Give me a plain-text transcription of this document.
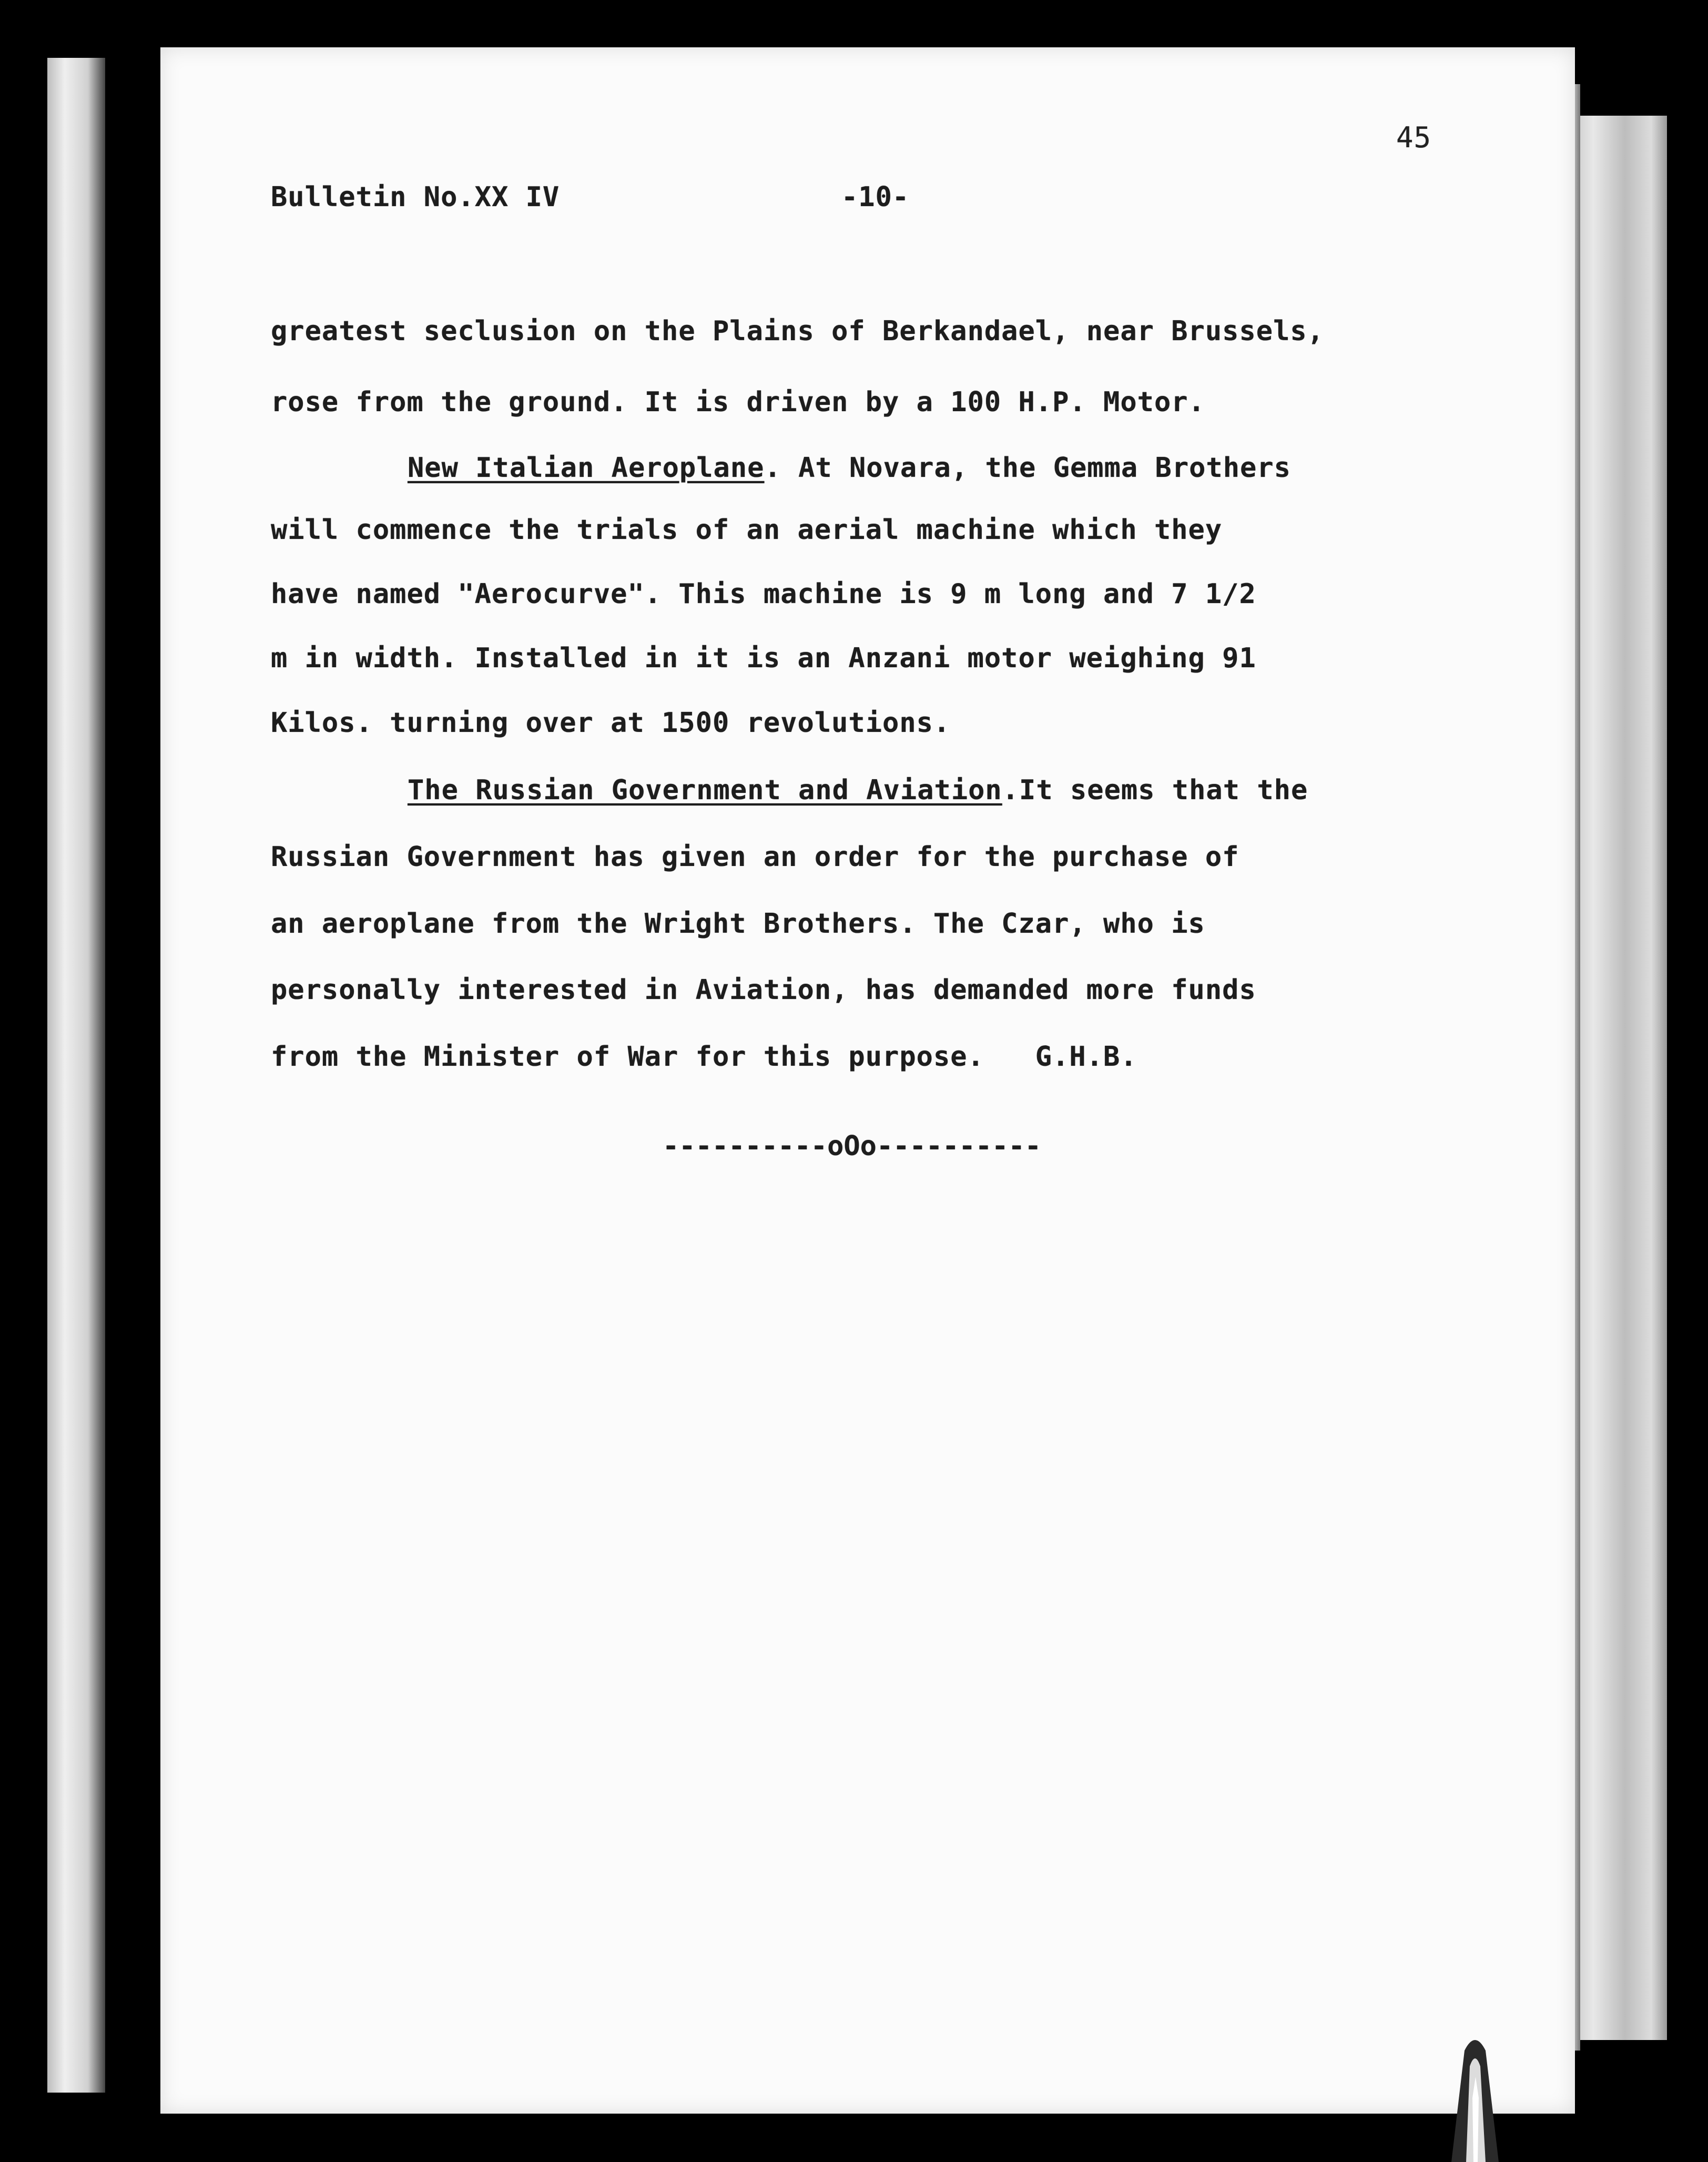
45
Bulletin No.XX IV	-10-
greatest seclusion on the Plains of Berkandael, near Brussels,
rose from the ground. It is driven by a 100 H.P. Motor.
New Italian Aeroplane. At Novara, the Gemma Brothers
will commence the trials of an aerial machine which they
have named "Aerocurve". This machine is 9 m long and 7 1/2
m in width. Installed in it is an Anzani motor weighing 91
Kilos. turning over at 1500 revolutions.
The Russian Government and Aviation.It seems that the
Russian Government has given an order for the purchase of
an aeroplane from the Wright Brothers. The Czar, who is
personally interested in Aviation, has demanded more funds
from the Minister of War for this purpose.   G.H.B.
----------oOo----------
